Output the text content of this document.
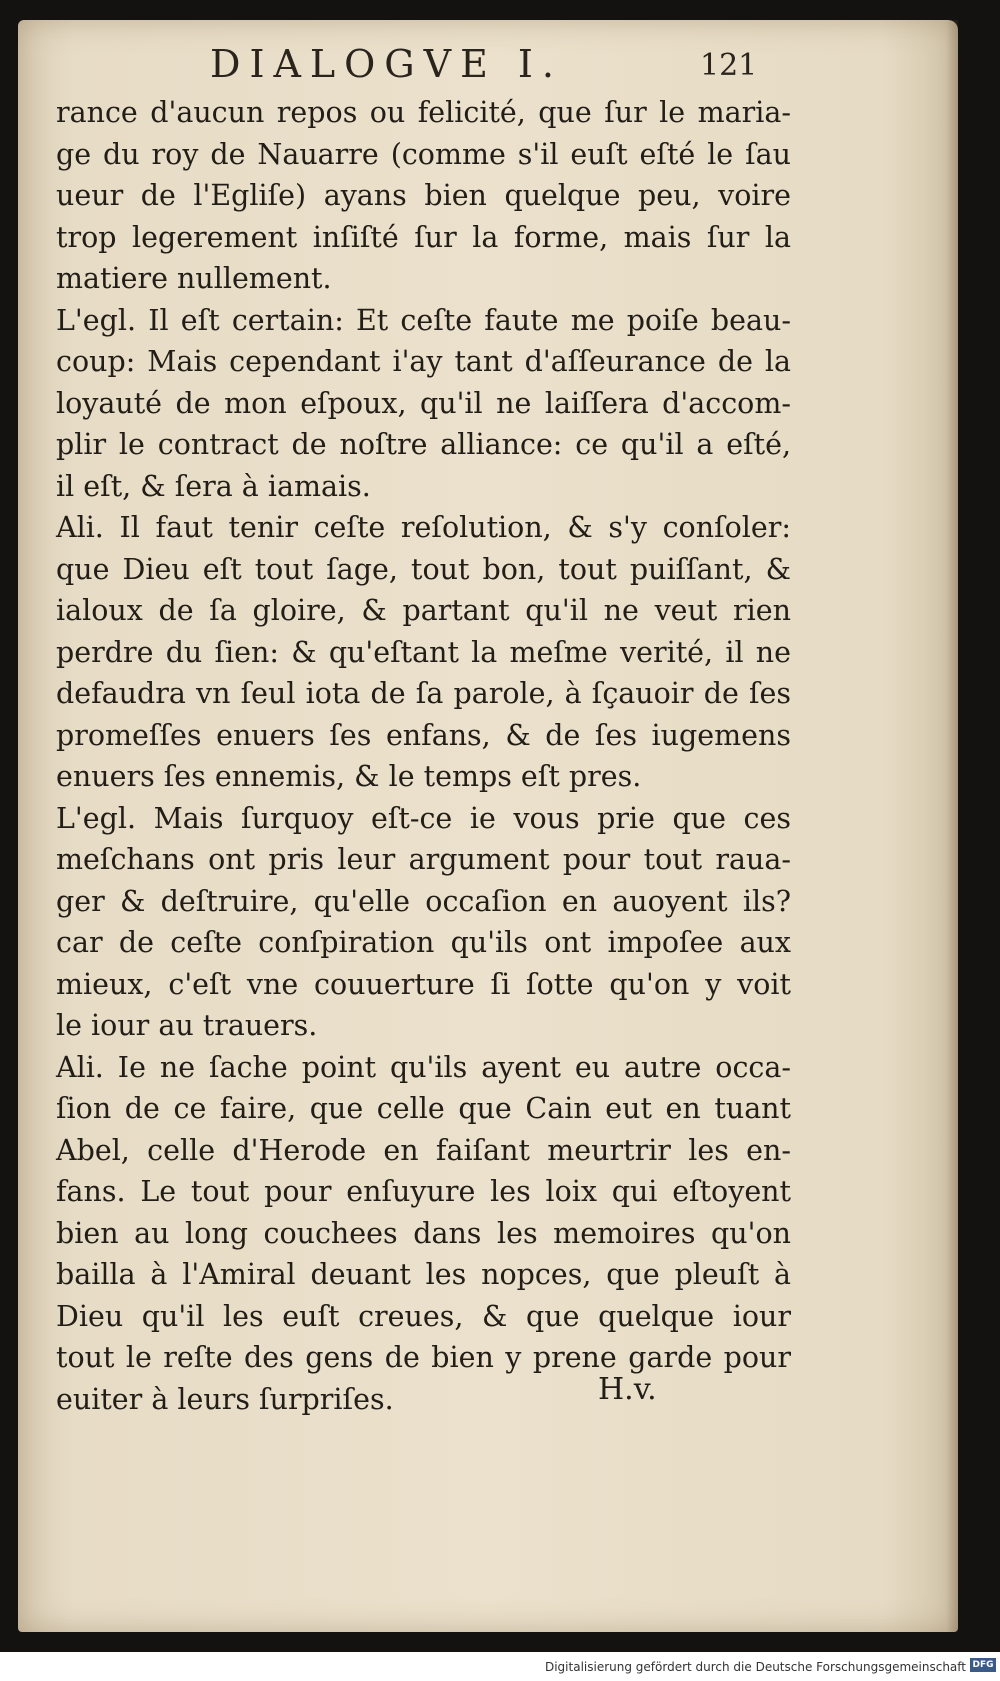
DIALOGVE I.	121
rance d'aucun repos ou felicité, que ſur le maria-
ge du roy de Nauarre (comme s'il euſt eſté le ſau
ueur de l'Egliſe) ayans bien quelque peu, voire
trop legerement inſiſté ſur la forme, mais ſur la
matiere nullement.
L'egl. Il eſt certain: Et ceſte faute me poiſe beau-
coup: Mais cependant i'ay tant d'aſſeurance de la
loyauté de mon eſpoux, qu'il ne laiſſera d'accom-
plir le contract de noſtre alliance: ce qu'il a eſté,
il eſt, & ſera à iamais.
Ali. Il faut tenir ceſte reſolution, & s'y conſoler:
que Dieu eſt tout ſage, tout bon, tout puiſſant, &
ialoux de ſa gloire, & partant qu'il ne veut rien
perdre du ſien: & qu'eſtant la meſme verité, il ne
defaudra vn ſeul iota de ſa parole, à ſçauoir de ſes
promeſſes enuers ſes enfans, & de ſes iugemens
enuers ſes ennemis, & le temps eſt pres.
L'egl. Mais ſurquoy eſt-ce ie vous prie que ces
meſchans ont pris leur argument pour tout raua-
ger & deſtruire, qu'elle occaſion en auoyent ils?
car de ceſte conſpiration qu'ils ont impoſee aux
mieux, c'eſt vne couuerture ſi ſotte qu'on y voit
le iour au trauers.
Ali. Ie ne ſache point qu'ils ayent eu autre occa-
ſion de ce faire, que celle que Cain eut en tuant
Abel, celle d'Herode en faiſant meurtrir les en-
fans. Le tout pour enſuyure les loix qui eſtoyent
bien au long couchees dans les memoires qu'on
bailla à l'Amiral deuant les nopces, que pleuſt à
Dieu qu'il les euſt creues, & que quelque iour
tout le reſte des gens de bien y prene garde pour
euiter à leurs ſurpriſes.	H.v.
Digitalisierung gefördert durch die Deutsche Forschungsgemeinschaft DFG
